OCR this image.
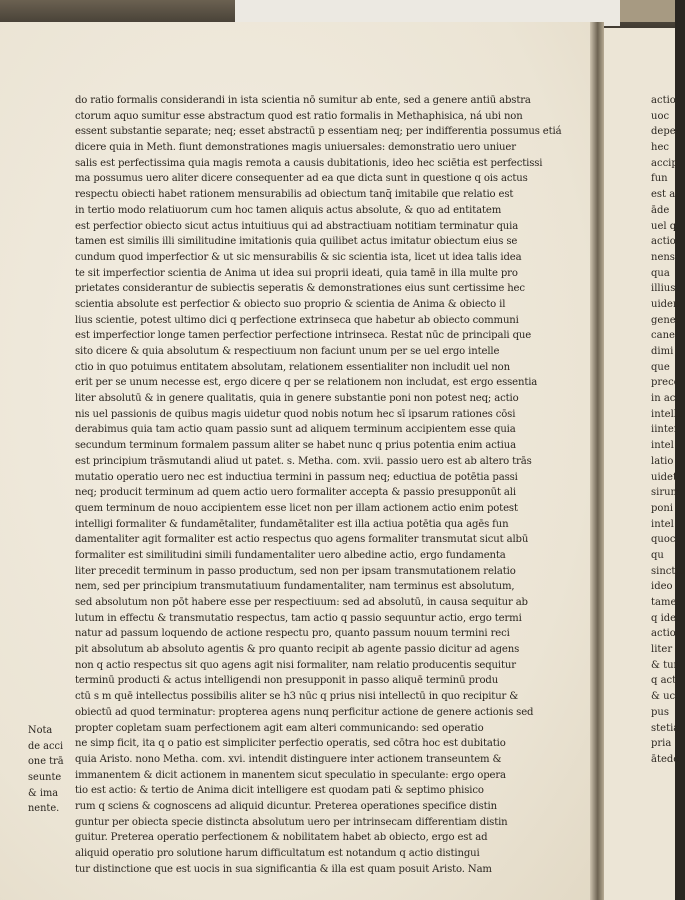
do ratio formalis considerandi in ista scientia nō sumitur ab ente, sed a genere antiū abstra
ctorum aquo sumitur esse abstractum quod est ratio formalis in Methaphisica, ná ubi non
essent substantie separate; neq; esset abstractū p essentiam neq; per indifferentia possumus etiá
dicere quia in Meth. fiunt demonstrationes magis uniuersales: demonstratio uero uniuer
salis est perfectissima quia magis remota a causis dubitationis, ideo hec sciētia est perfectissi
ma possumus uero aliter dicere consequenter ad ea que dicta sunt in questione q ois actus
respectu obiecti habet rationem mensurabilis ad obiectum tanq̄ imitabile que relatio est
in tertio modo relatiuorum cum hoc tamen aliquis actus absolute, & quo ad entitatem
est perfectior obiecto sicut actus intuitiuus qui ad abstractiuam notitiam terminatur quia
tamen est similis illi similitudine imitationis quia quilibet actus imitatur obiectum eius se
cundum quod imperfectior & ut sic mensurabilis & sic scientia ista, licet ut idea talis idea
te sit imperfectior scientia de Anima ut idea sui proprii ideati, quia tamē in illa multe pro
prietates considerantur de subiectis seperatis & demonstrationes eius sunt certissime hec
scientia absolute est perfectior & obiecto suo proprio & scientia de Anima & obiecto il
lius scientie, potest ultimo dici q perfectione extrinseca que habetur ab obiecto communi
est imperfectior longe tamen perfectior perfectione intrinseca. Restat nūc de principali que
sito dicere & quia absolutum & respectiuum non faciunt unum per se uel ergo intelle
ctio in quo potuimus entitatem absolutam, relationem essentialiter non includit uel non
erit per se unum necesse est, ergo dicere q per se relationem non includat, est ergo essentia
liter absolutū & in genere qualitatis, quia in genere substantie poni non potest neq; actio
nis uel passionis de quibus magis uidetur quod nobis notum hec sī ipsarum rationes cōsi
derabimus quia tam actio quam passio sunt ad aliquem terminum accipientem esse quia
secundum terminum formalem passum aliter se habet nunc q prius potentia enim actiua
est principium trāsmutandi aliud ut patet. s. Metha. com. xvii. passio uero est ab altero trās
mutatio operatio uero nec est inductiua termini in passum neq; eductiua de potētia passi
neq; producit terminum ad quem actio uero formaliter accepta & passio presupponūt ali
quem terminum de nouo accipientem esse licet non per illam actionem actio enim potest
intelligi formaliter & fundamētaliter, fundamētaliter est illa actiua potētia qua agēs fun
damentaliter agit formaliter est actio respectus quo agens formaliter transmutat sicut albū
formaliter est similitudini simili fundamentaliter uero albedine actio, ergo fundamenta
liter precedit terminum in passo productum, sed non per ipsam transmutationem relatio
nem, sed per principium transmutatiuum fundamentaliter, nam terminus est absolutum,
sed absolutum non pōt habere esse per respectiuum: sed ad absolutū, in causa sequitur ab
lutum in effectu & transmutatio respectus, tam actio q passio sequuntur actio, ergo termi
natur ad passum loquendo de actione respectu pro, quanto passum nouum termini reci
pit absolutum ab absoluto agentis & pro quanto recipit ab agente passio dicitur ad agens
non q actio respectus sit quo agens agit nisi formaliter, nam relatio producentis sequitur
terminū producti & actus intelligendi non presupponit in passo aliquē terminū produ
ctū s m quē intellectus possibilis aliter se h3 nūc q prius nisi intellectū in quo recipitur &
obiectū ad quod terminatur: propterea agens nunq perficitur actione de genere actionis sed
propter copletam suam perfectionem agit eam alteri communicando: sed operatio
ne simp ficit, ita q o patio est simpliciter perfectio operatis, sed cōtra hoc est dubitatio
quia Aristo. nono Metha. com. xvi. intendit distinguere inter actionem transeuntem &
immanentem & dicit actionem in manentem sicut speculatio in speculante: ergo opera
tio est actio: & tertio de Anima dicit intelligere est quodam pati & septimo phisico
rum q sciens & cognoscens ad aliquid dicuntur. Preterea operationes specifice distin
guntur per obiecta specie distincta absolutum uero per intrinsecam differentiam distin
guitur. Preterea operatio perfectionem & nobilitatem habet ab obiecto, ergo est ad
aliquid operatio pro solutione harum difficultatum est notandum q actio distingui
tur distinctione que est uocis in sua significantia & illa est quam posuit Aristo. Nam
Nota
de acci
one trā
seunte
& ima
nente.
actio
uoc
depe
hec
accip
fun
est al
āde
uel q
actio
nens
qua
illius
uiden
genet
cane
dimi
que
prece
in ac
intelle
iinter
intel
latio
uidet
sirum
poni
intel
quoc
qu
sinctio
ideo
tame
q ide
actio
liter c
& tun
q act
& uc
pus
stetia
pria
ātedo
